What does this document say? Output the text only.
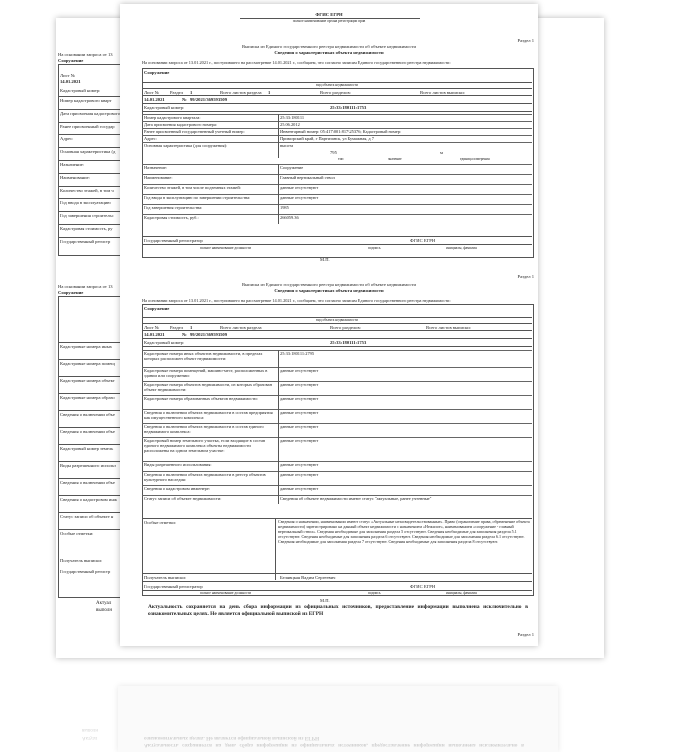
На основании запроса от 13
Сооружение
Лист №
14.01.2021
Кадастровый номер:
Номер кадастрового кварт
Дата присвоения кадастрового
Ранее присвоенный государ
Адрес:
Основная характеристика (д
Назначение:
Наименование:
Количество этажей, в том ч
Год ввода в эксплуатацию
Год завершения строительс
Кадастровая стоимость, ру
Государственный регистр
На основании запроса от 13
Сооружение
Кадастровые номера иных
Кадастровые номера помещ
Кадастровые номера объект
Кадастровые номера образо
Сведения о включении объе
Сведения о включении объе
Кадастровый номер земель
Виды разрешенного использ
Сведения о включении объе
Сведения о кадастровом инж
Статус записи об объекте н
Особые отметки:
Получатель выписки:
Государственный регистр
Актуал
выполн
ФГИС ЕГРН
полное наименование органа регистрации прав
Раздел 1
Выписка из Единого государственного реестра недвижимости об объекте недвижимости
Сведения о характеристиках объекта недвижимости
На основании запроса от 13.01.2021 г., поступившего на рассмотрение 14.01.2021 г., сообщаем, что согласно записям Единого государственного реестра недвижимости:
Сооружение
вид объекта недвижимости
Лист № Раздел 1	Всего листов раздела 1	Всего разделов:	Всего листов выписки:
14.01.2021	№ 99/2021/369593509
Кадастровый номер:	25:33:180111:1753
Номер кадастрового квартала:	25:33:180111
Дата присвоения кадастрового номера:	25.06.2012
Ранее присвоенный государственный учетный номер:	Инвентарный номер: 05:417\001:817\25376; Кадастровый номер:
Адрес:	Приморский край, г Партизанск, ул Бумажная, д 7
Основная характеристика (для сооружения):	высота
795	м
тип	значение	единица измерения
Назначение:	Сооружение
Наименование:	Главный вертикальный ствол
Количество этажей, в том числе подземных этажей:	данные отсутствуют
Год ввода в эксплуатацию по завершении строительства:	данные отсутствуют
Год завершения строительства:	1985
Кадастровая стоимость, руб.:	266059.36
Государственный регистратор	ФГИС ЕГРН
полное наименование должности	подпись	инициалы, фамилия
М.П.
Раздел 1
Выписка из Единого государственного реестра недвижимости об объекте недвижимости
Сведения о характеристиках объекта недвижимости
На основании запроса от 13.01.2021 г., поступившего на рассмотрение 14.01.2021 г., сообщаем, что согласно записям Единого государственного реестра недвижимости:
Сооружение
вид объекта недвижимости
Лист № Раздел 1	Всего листов раздела	Всего разделов:	Всего листов выписки:
14.01.2021	№ 99/2021/369593509
Кадастровый номер:	25:33:180111:1753
Кадастровые номера иных объектов недвижимости, в пределах которых расположен объект недвижимости:
25:33:180111:2795
Кадастровые номера помещений, машино-мест, расположенных в здании или сооружении:
данные отсутствуют
Кадастровые номера объектов недвижимости, из которых образован объект недвижимости:
данные отсутствуют
Кадастровые номера образованных объектов недвижимости:	данные отсутствуют
Сведения о включении объекта недвижимости в состав предприятия как имущественного комплекса:
данные отсутствуют
Сведения о включении объекта недвижимости в состав единого недвижимого комплекса:
данные отсутствуют
Кадастровый номер земельного участка, если входящие в состав единого недвижимого комплекса объекты недвижимости расположены на одном земельном участке:
данные отсутствуют
Виды разрешенного использования:	данные отсутствуют
Сведения о включении объекта недвижимости в реестр объектов культурного наследия:
данные отсутствуют
Сведения о кадастровом инженере:	данные отсутствуют
Статус записи об объекте недвижимости:	Сведения об объекте недвижимости имеют статус "актуальные, ранее учтенные"
Особые отметки:	Сведения о назначении, наименовании имеют статус «Актуальные незасвидетельствованные». Право (ограничение права, обременение объекта недвижимости) зарегистрировано на данный объект недвижимости с назначением «Нежилое», наименованием «сооружение - главный вертикальный ствол». Сведения необходимые для заполнения раздела 5 отсутствуют. Сведения необходимые для заполнения раздела 5.1 отсутствуют. Сведения необходимые для заполнения раздела 6 отсутствуют. Сведения необходимые для заполнения раздела 6.1 отсутствуют. Сведения необходимые для заполнения раздела 7 отсутствуют. Сведения необходимые для заполнения раздела 8 отсутствуют.
Получатель выписки:	Белявцкая Вадим Сергеевич
Государственный регистратор	ФГИС ЕГРН
полное наименование должности	подпись	инициалы, фамилия
М.П.
Актуальность сохраняется на день сбора информации из официальных источников, предоставление информации выполнена исключительно в ознакомительных целях. Не является официальной выпиской из ЕГРН
Раздел 1
Актуальность сохраняется на день сбора информации из официальных источников, предоставление информации выполнена исключительно в ознакомительных целях. Не является официальной выпиской из ЕГРН
Актуал
выполн
